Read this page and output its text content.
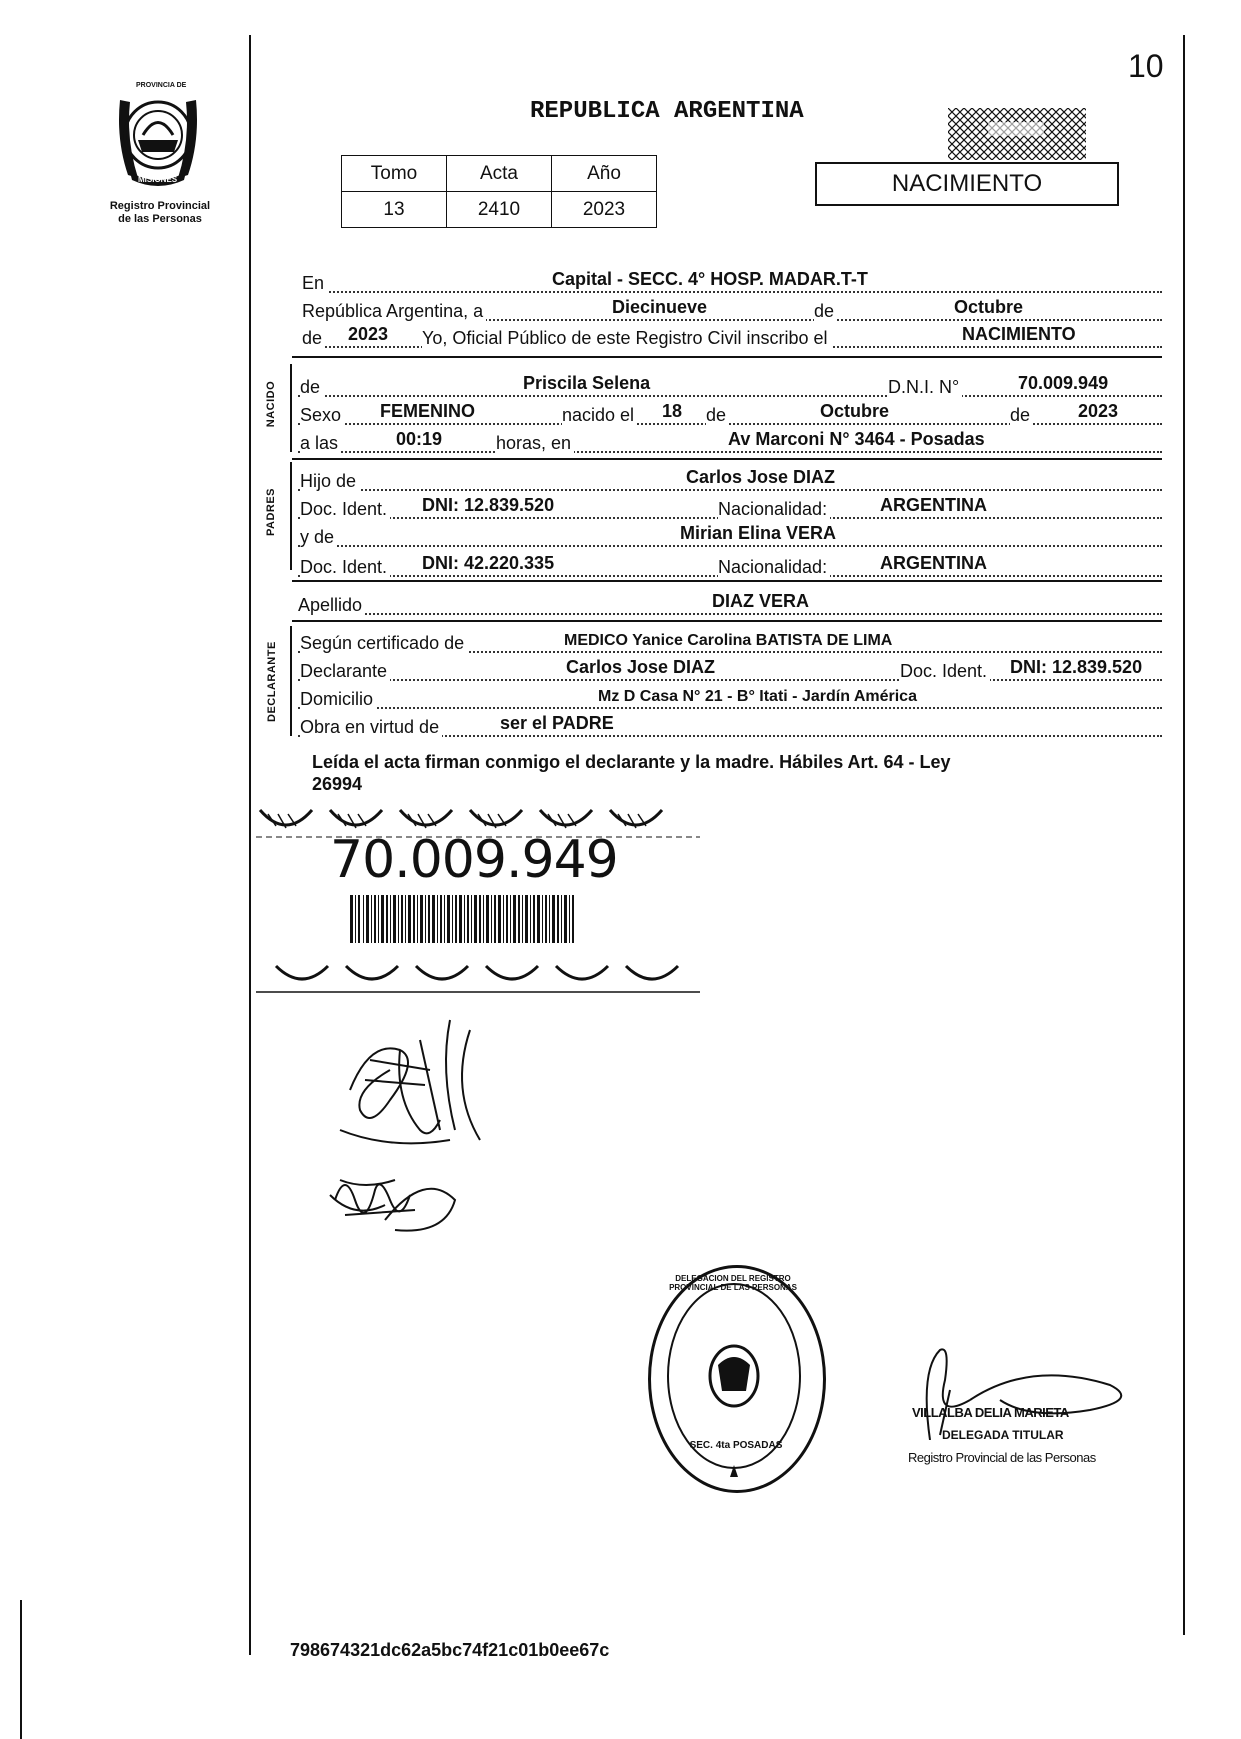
10
PROVINCIA DE
MISIONES
Registro Provincial
de las Personas
REPUBLICA ARGENTINA
Tomo	Acta	Año
13	2410	2023
NACIMIENTO
En	Capital - SECC. 4° HOSP. MADAR.T-T
República Argentina, a	Diecinueve	de	Octubre
de 2023 Yo, Oficial Público de este Registro Civil inscribo el	NACIMIENTO
NACIDO de	Priscila Selena	D.N.I. N°	70.009.949
Sexo FEMENINO	nacido el 18 de	Octubre	de	2023
a las	00:19	horas, en	Av Marconi N° 3464 - Posadas
PADRES
Hijo de	Carlos Jose DIAZ
Doc. Ident. DNI: 12.839.520	Nacionalidad:	ARGENTINA
y de	Mirian Elina VERA
Doc. Ident. DNI: 42.220.335	Nacionalidad:	ARGENTINA
Apellido	DIAZ VERA
DECLARANTE Según certificado de	MEDICO Yanice Carolina BATISTA DE LIMA
Declarante	Carlos Jose DIAZ	Doc. Ident. DNI: 12.839.520
Domicilio	Mz D Casa N° 21 - B° Itati - Jardín América
Obra en virtud de	ser el PADRE
Leída el acta firman conmigo el declarante y la madre. Hábiles Art. 64 - Ley
26994
70.009.949
DELEGACION DEL REGISTRO PROVINCIAL DE LAS PERSONAS
SEC. 4ta POSADAS
VILLALBA DELIA MARIETA
DELEGADA TITULAR
Registro Provincial de las Personas
798674321dc62a5bc74f21c01b0ee67c
